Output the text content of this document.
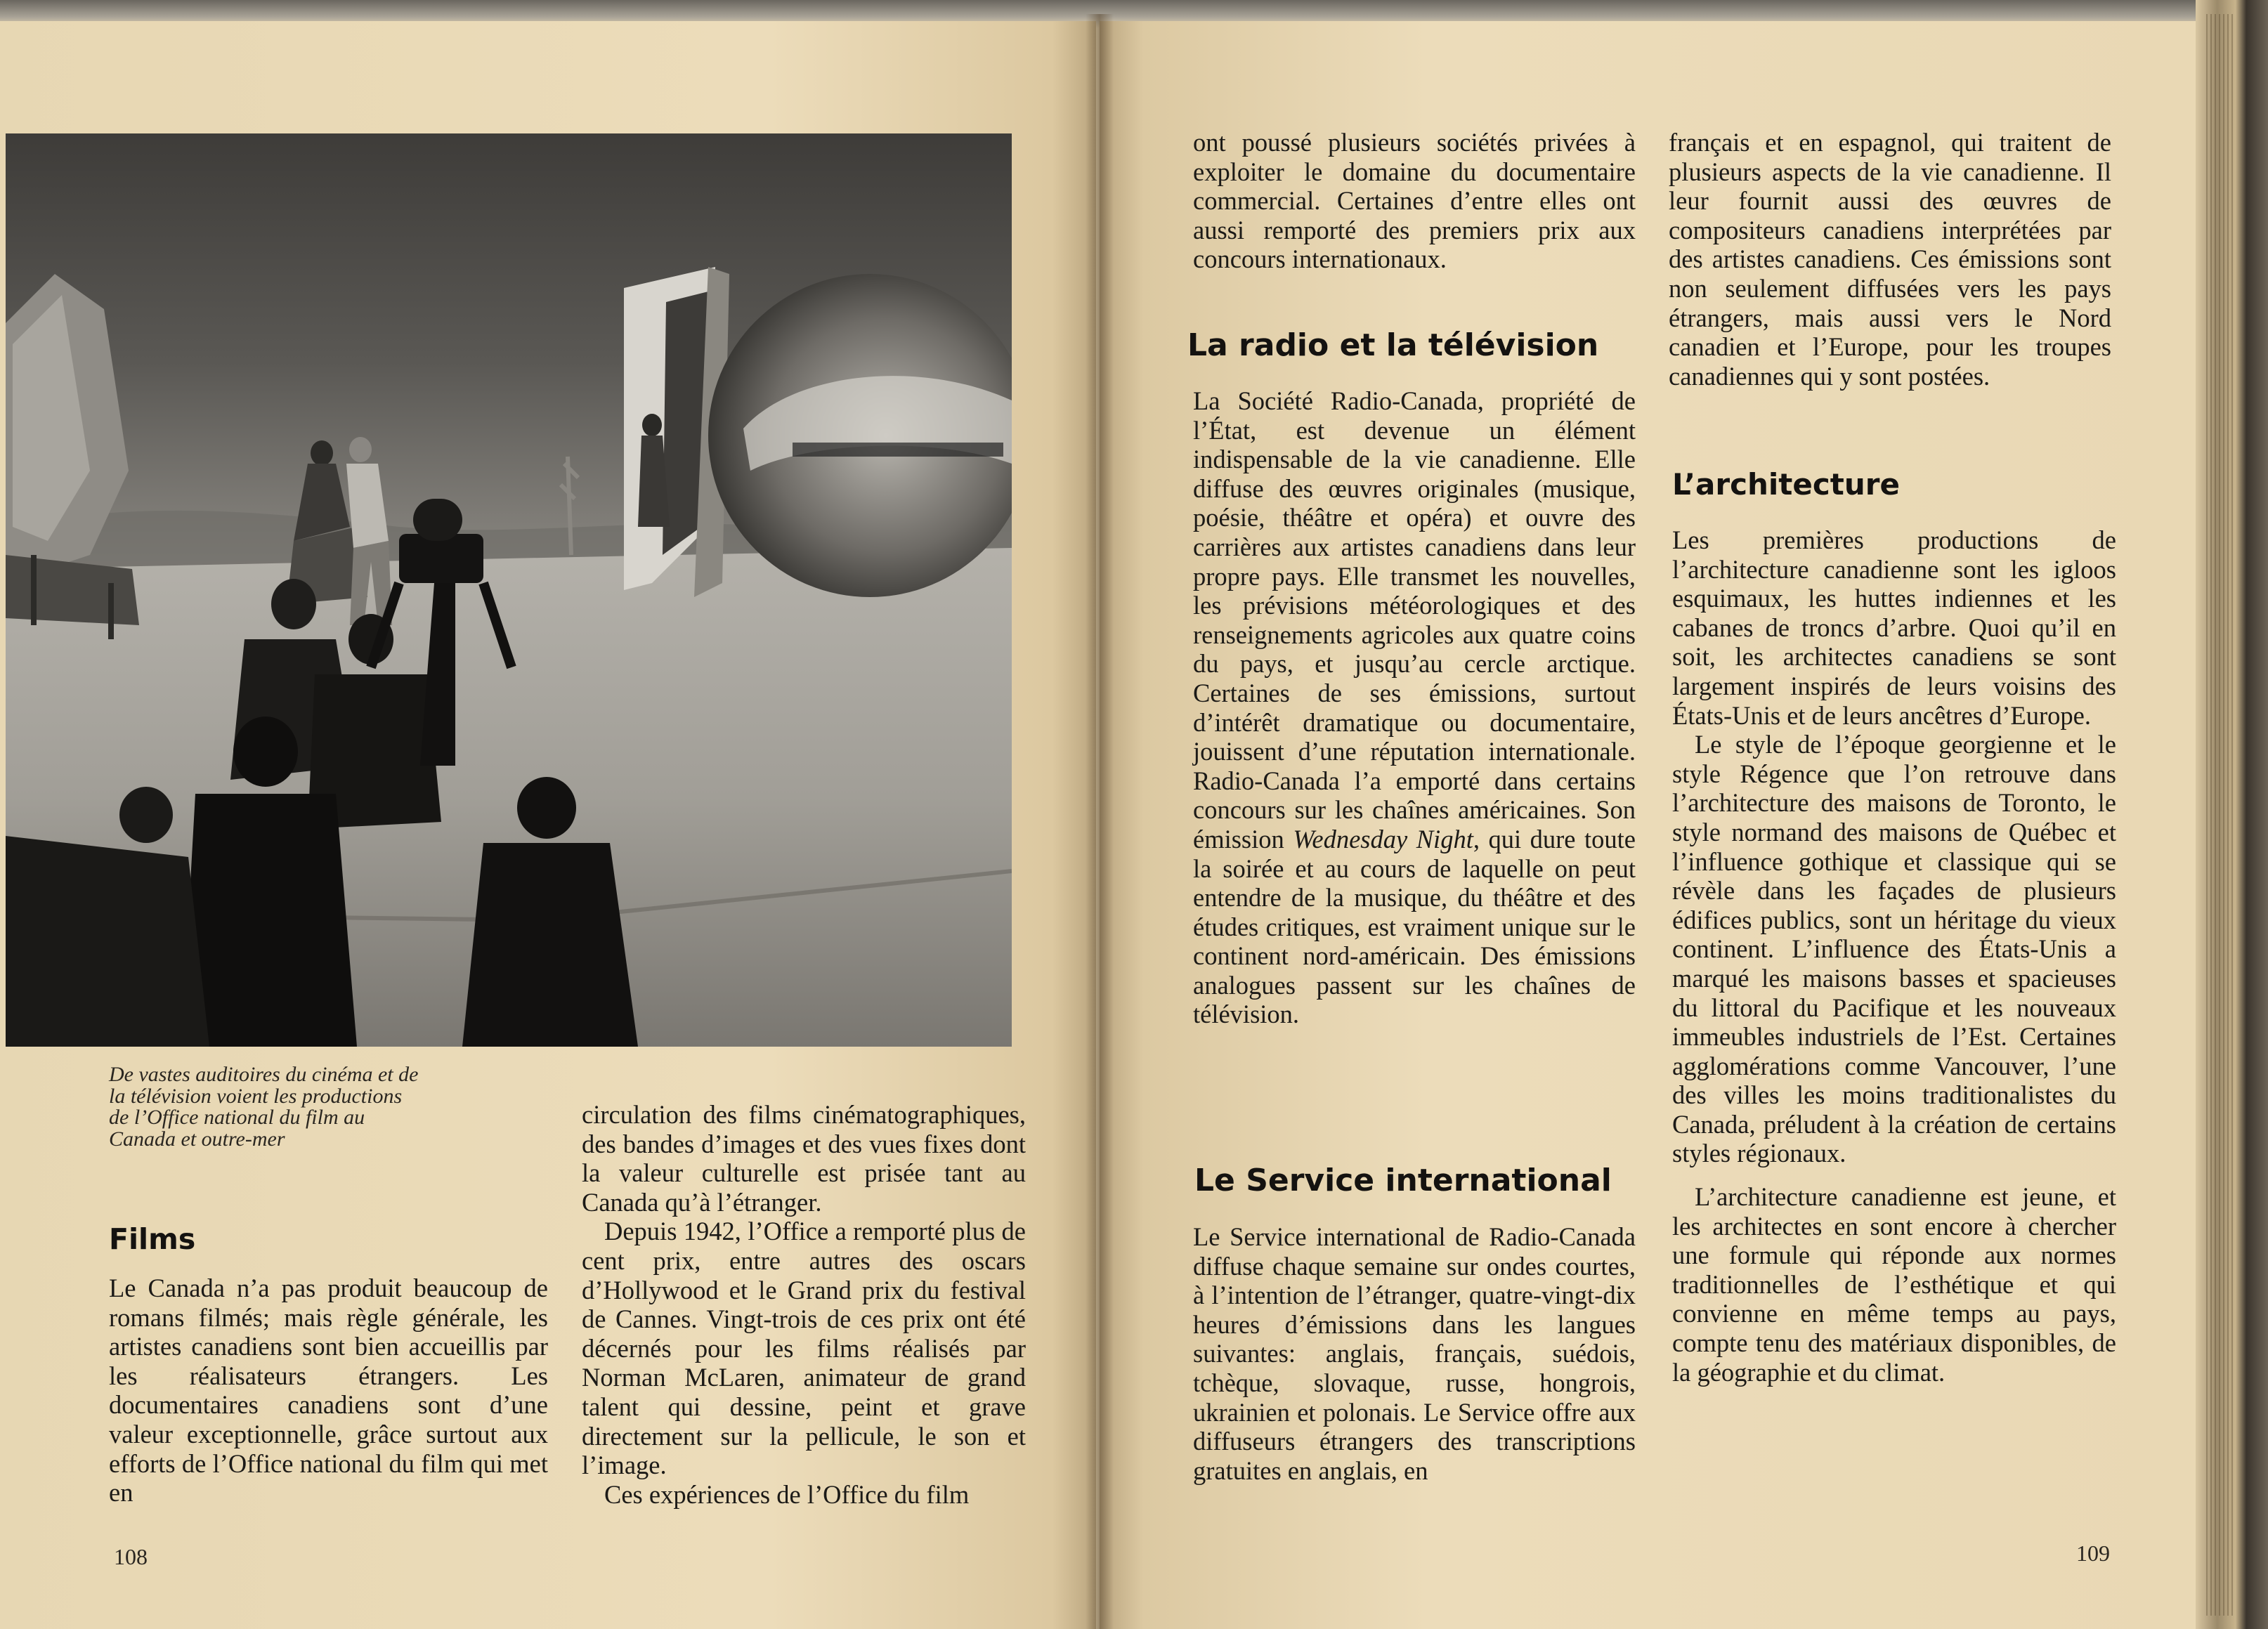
De vastes auditoires du cinéma et de la télévision voient les productions de l’Office national du film au Canada et outre-mer
Films

Le Canada n’a pas produit beaucoup de romans filmés; mais règle générale, les artistes canadiens sont bien accueillis par les réalisateurs étrangers. Les documentaires canadiens sont d’une valeur exceptionnelle, grâce surtout aux efforts de l’Office national du film qui met en

circulation des films cinématographiques, des bandes d’images et des vues fixes dont la valeur culturelle est prisée tant au Canada qu’à l’étranger.

Depuis 1942, l’Office a remporté plus de cent prix, entre autres des oscars d’Hollywood et le Grand prix du festival de Cannes. Vingt-trois de ces prix ont été décernés pour les films réalisés par Norman McLaren, animateur de grand talent qui dessine, peint et grave directement sur la pellicule, le son et l’image.

Ces expériences de l’Office du film

108

ont poussé plusieurs sociétés privées à exploiter le domaine du documentaire commercial. Certaines d’entre elles ont aussi remporté des premiers prix aux concours internationaux.

La radio et la télévision

La Société Radio-Canada, propriété de l’État, est devenue un élément indispensable de la vie canadienne. Elle diffuse des œuvres originales (musique, poésie, théâtre et opéra) et ouvre des carrières aux artistes canadiens dans leur propre pays. Elle transmet les nouvelles, les prévisions météorologiques et des renseignements agricoles aux quatre coins du pays, et jusqu’au cercle arctique. Certaines de ses émissions, surtout d’intérêt dramatique ou documentaire, jouissent d’une réputation internationale. Radio-Canada l’a emporté dans certains concours sur les chaînes américaines. Son émission Wednesday Night, qui dure toute la soirée et au cours de laquelle on peut entendre de la musique, du théâtre et des études critiques, est vraiment unique sur le continent nord-américain. Des émissions analogues passent sur les chaînes de télévision.

Le Service international

Le Service international de Radio-Canada diffuse chaque semaine sur ondes courtes, à l’intention de l’étranger, quatre-vingt-dix heures d’émissions dans les langues suivantes: anglais, français, suédois, tchèque, slovaque, russe, hongrois, ukrainien et polonais. Le Service offre aux diffuseurs étrangers des transcriptions gratuites en anglais, en

français et en espagnol, qui traitent de plusieurs aspects de la vie canadienne. Il leur fournit aussi des œuvres de compositeurs canadiens interprétées par des artistes canadiens. Ces émissions sont non seulement diffusées vers les pays étrangers, mais aussi vers le Nord canadien et l’Europe, pour les troupes canadiennes qui y sont postées.

L’architecture

Les premières productions de l’architecture canadienne sont les igloos esquimaux, les huttes indiennes et les cabanes de troncs d’arbre. Quoi qu’il en soit, les architectes canadiens se sont largement inspirés de leurs voisins des États-Unis et de leurs ancêtres d’Europe.

Le style de l’époque georgienne et le style Régence que l’on retrouve dans l’architecture des maisons de Toronto, le style normand des maisons de Québec et l’influence gothique et classique qui se révèle dans les façades de plusieurs édifices publics, sont un héritage du vieux continent. L’influence des États-Unis a marqué les maisons basses et spacieuses du littoral du Pacifique et les nouveaux immeubles industriels de l’Est. Certaines agglomérations comme Vancouver, l’une des villes les moins traditionalistes du Canada, préludent à la création de certains styles régionaux.

L’architecture canadienne est jeune, et les architectes en sont encore à chercher une formule qui réponde aux normes traditionnelles de l’esthétique et qui convienne en même temps au pays, compte tenu des matériaux disponibles, de la géographie et du climat.

109
